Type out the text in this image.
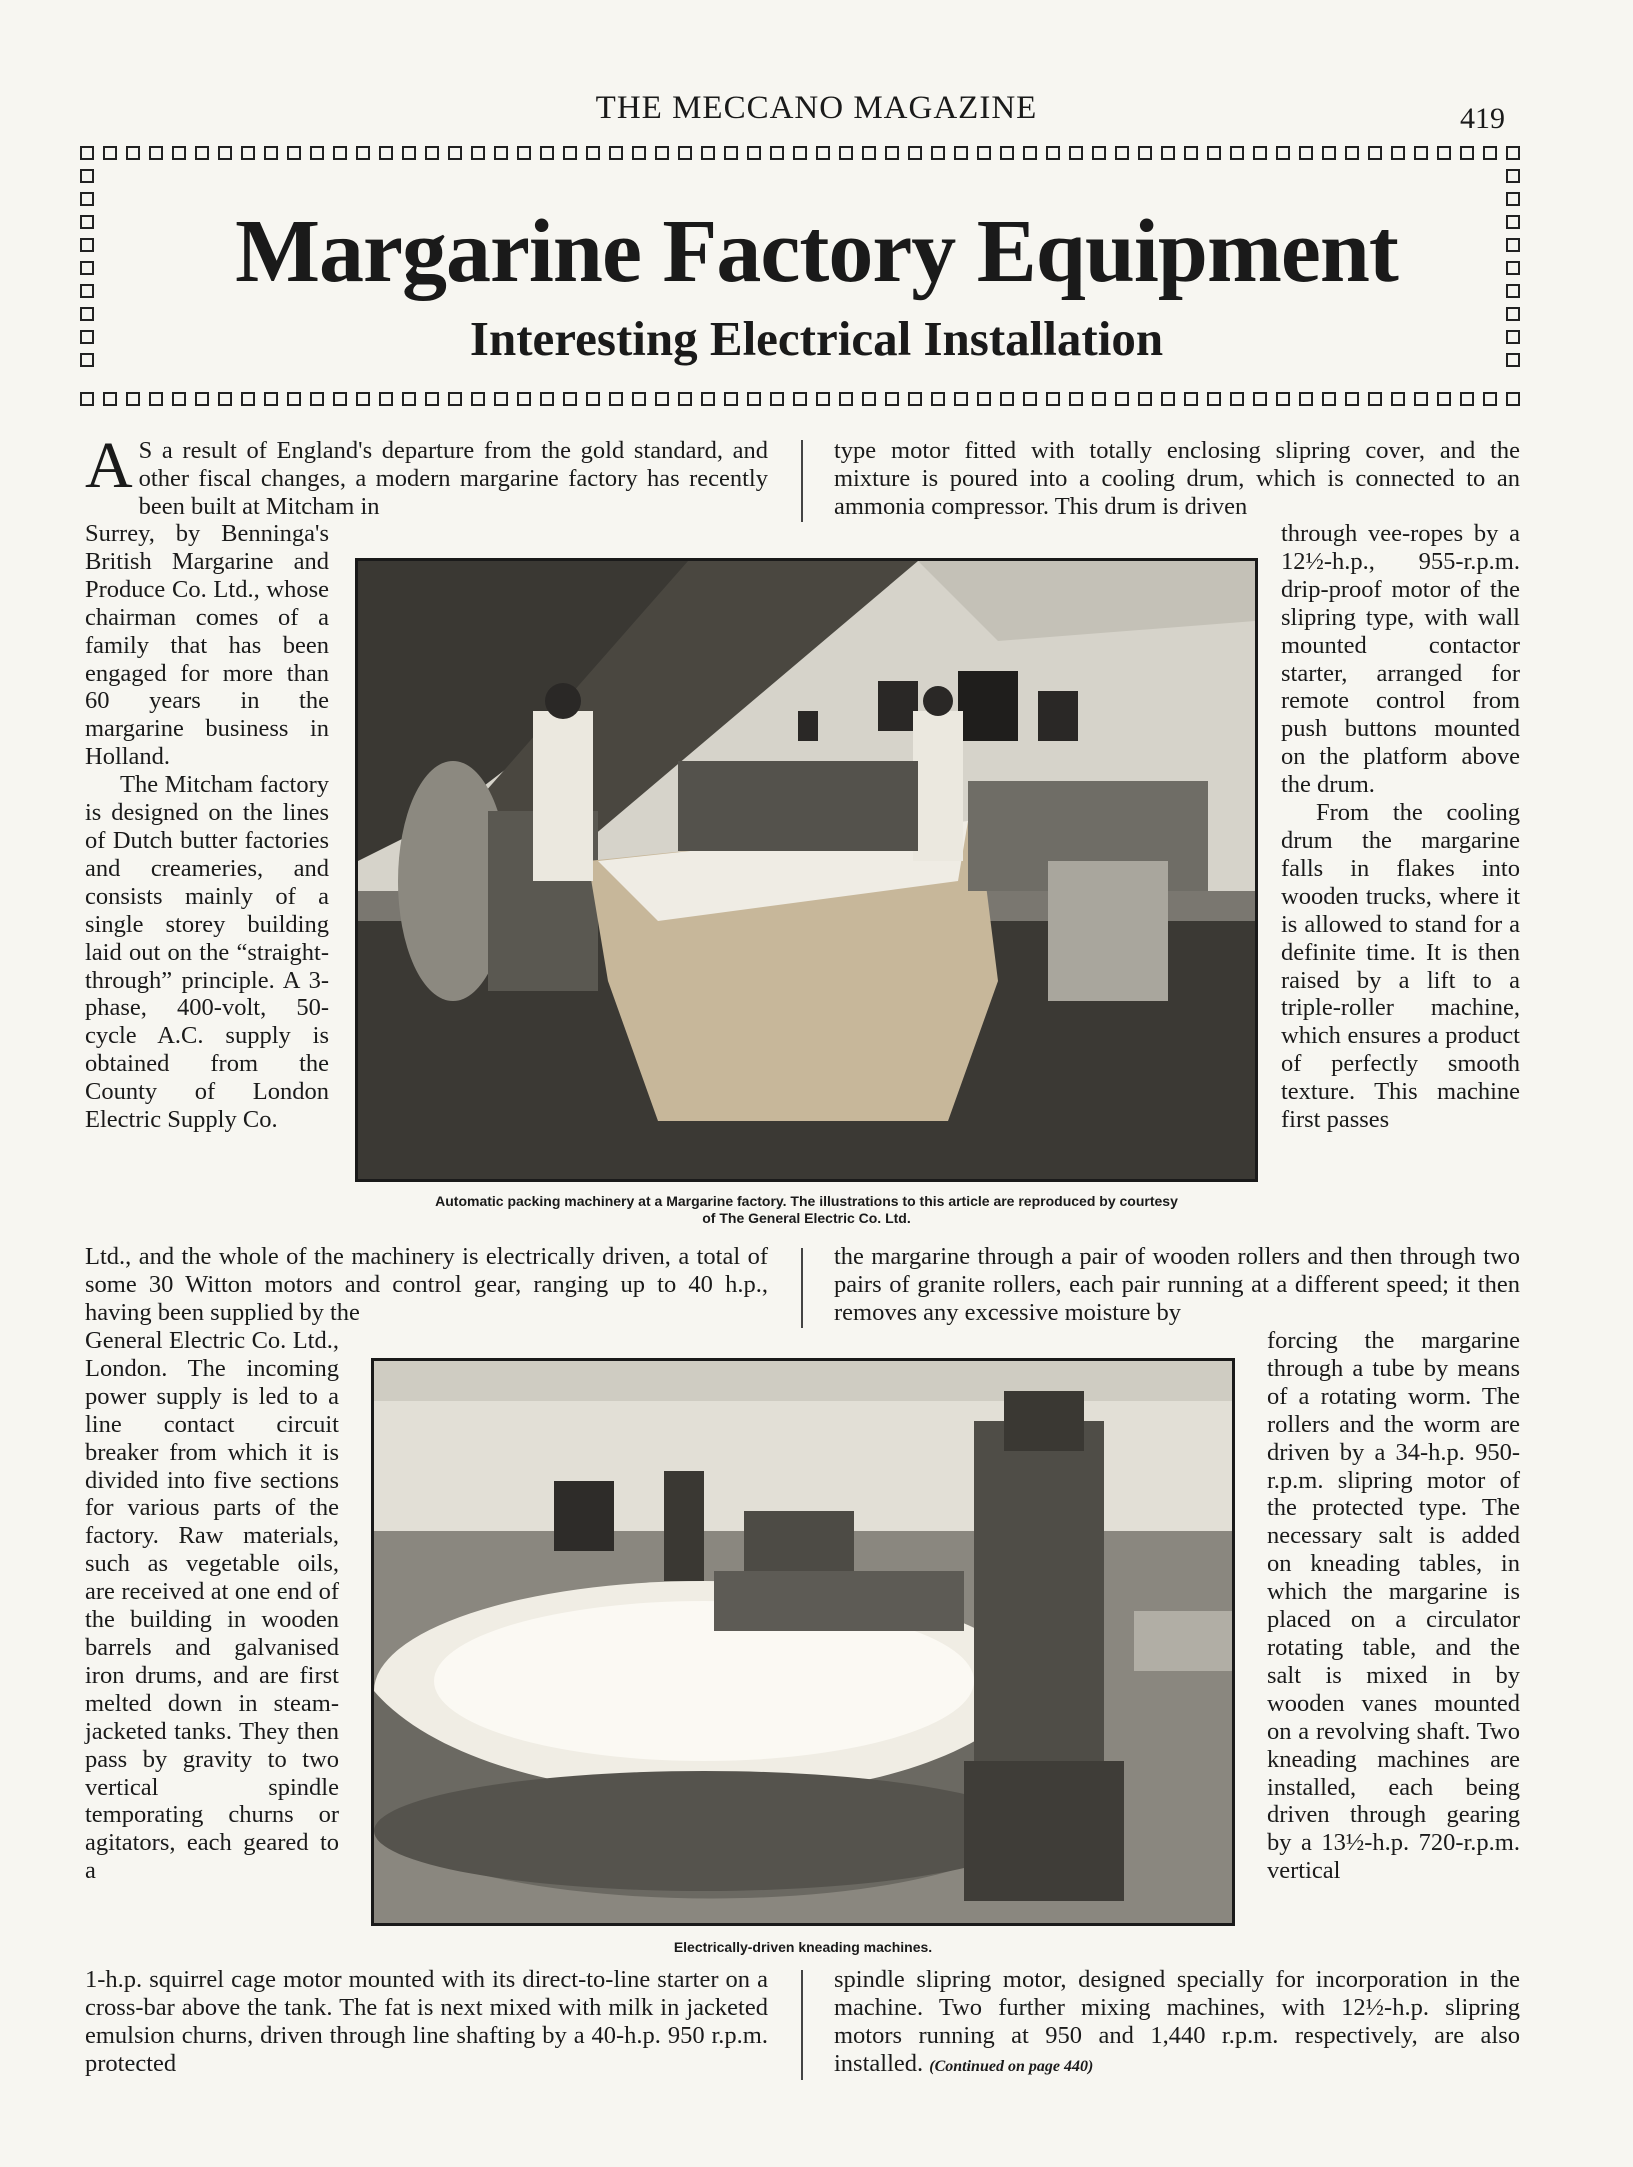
THE MECCANO MAGAZINE	419
Margarine Factory Equipment
Interesting Electrical Installation

A S a result of England's departure from the gold standard, and other fiscal changes, a modern margarine factory has recently been built at Mitcham in

Surrey, by Benninga's British Margarine and Produce Co. Ltd., whose chairman comes of a family that has been engaged for more than 60 years in the margarine business in Holland.

The Mitcham factory is designed on the lines of Dutch butter factories and creameries, and consists mainly of a single storey building laid out on the “straight-through” principle. A 3-phase, 400-volt, 50-cycle A.C. supply is obtained from the County of London Electric Supply Co.

Ltd., and the whole of the machinery is electrically driven, a total of some 30 Witton motors and control gear, ranging up to 40 h.p., having been supplied by the
General Electric Co. Ltd., London. The incoming power supply is led to a line contact circuit breaker from which it is divided into five sections for various parts of the factory. Raw materials, such as vegetable oils, are received at one end of the building in wooden barrels and galvanised iron drums, and are first melted down in steam-jacketed tanks. They then pass by gravity to two vertical spindle temporating churns or agitators, each geared to a
1-h.p. squirrel cage motor mounted with its direct-to-line starter on a cross-bar above the tank. The fat is next mixed with milk in jacketed emulsion churns, driven through line shafting by a 40-h.p. 950 r.p.m. protected
type motor fitted with totally enclosing slipring cover, and the mixture is poured into a cooling drum, which is connected to an ammonia compressor. This drum is driven

through vee-ropes by a 12½-h.p., 955-r.p.m. drip-proof motor of the slipring type, with wall mounted contactor starter, arranged for remote control from push buttons mounted on the platform above the drum.

From the cooling drum the margarine falls in flakes into wooden trucks, where it is allowed to stand for a definite time. It is then raised by a lift to a triple-roller machine, which ensures a product of perfectly smooth texture. This machine first passes

the margarine through a pair of wooden rollers and then through two pairs of granite rollers, each pair running at a different speed; it then removes any excessive moisture by
forcing the margarine through a tube by means of a rotating worm. The rollers and the worm are driven by a 34-h.p. 950-r.p.m. slipring motor of the protected type. The necessary salt is added on kneading tables, in which the margarine is placed on a circulator rotating table, and the salt is mixed in by wooden vanes mounted on a revolving shaft. Two kneading machines are installed, each being driven through gearing by a 13½-h.p. 720-r.p.m. vertical
spindle slipring motor, designed specially for incorporation in the machine. Two further mixing machines, with 12½-h.p. slipring motors running at 950 and 1,440 r.p.m. respectively, are also installed. (Continued on page 440)
Automatic packing machinery at a Margarine factory. The illustrations to this article are reproduced by courtesy
of The General Electric Co. Ltd.
Electrically-driven kneading machines.
